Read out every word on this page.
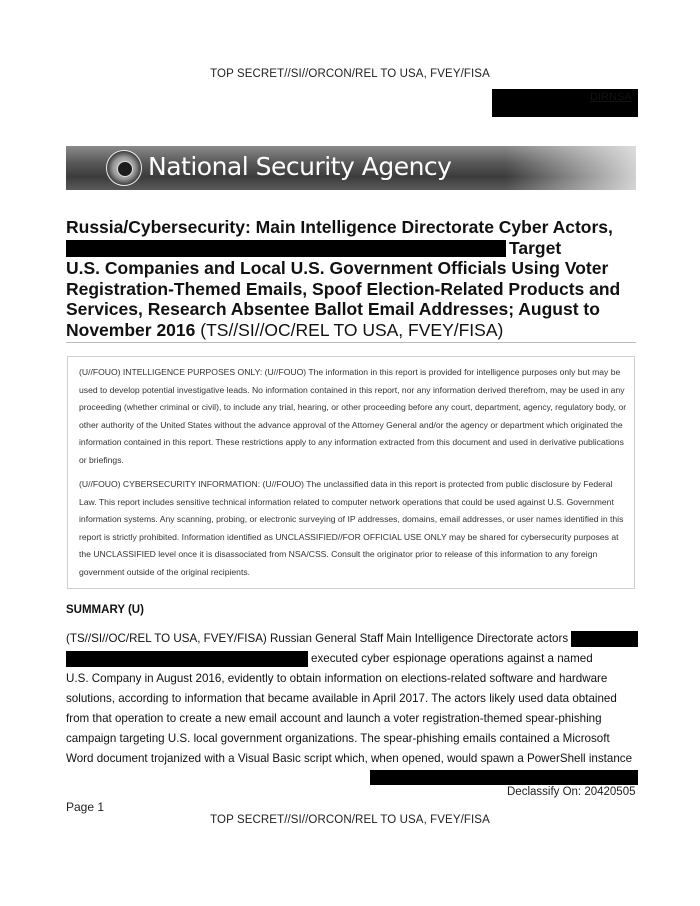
TOP SECRET//SI//ORCON/REL TO USA, FVEY/FISA
DIRNSA
National Security Agency
Russia/Cybersecurity: Main Intelligence Directorate Cyber Actors,
Target
U.S. Companies and Local U.S. Government Officials Using Voter
Registration-Themed Emails, Spoof Election-Related Products and
Services, Research Absentee Ballot Email Addresses; August to
November 2016 (TS//SI//OC/REL TO USA, FVEY/FISA)

(U//FOUO) INTELLIGENCE PURPOSES ONLY: (U//FOUO) The information in this report is provided for intelligence purposes only but may be used to develop potential investigative leads. No information contained in this report, nor any information derived therefrom, may be used in any proceeding (whether criminal or civil), to include any trial, hearing, or other proceeding before any court, department, agency, regulatory body, or other authority of the United States without the advance approval of the Attorney General and/or the agency or department which originated the information contained in this report. These restrictions apply to any information extracted from this document and used in derivative publications or briefings.

(U//FOUO) CYBERSECURITY INFORMATION: (U//FOUO) The unclassified data in this report is protected from public disclosure by Federal Law. This report includes sensitive technical information related to computer network operations that could be used against U.S. Government information systems. Any scanning, probing, or electronic surveying of IP addresses, domains, email addresses, or user names identified in this report is strictly prohibited. Information identified as UNCLASSIFIED//FOR OFFICIAL USE ONLY may be shared for cybersecurity purposes at the UNCLASSIFIED level once it is disassociated from NSA/CSS. Consult the originator prior to release of this information to any foreign government outside of the original recipients.

SUMMARY (U)
(TS//SI//OC/REL TO USA, FVEY/FISA) Russian General Staff Main Intelligence Directorate actors
executed cyber espionage operations against a named
U.S. Company in August 2016, evidently to obtain information on elections-related software and hardware
solutions, according to information that became available in April 2017. The actors likely used data obtained
from that operation to create a new email account and launch a voter registration-themed spear-phishing
campaign targeting U.S. local government organizations. The spear-phishing emails contained a Microsoft
Word document trojanized with a Visual Basic script which, when opened, would spawn a PowerShell instance
Declassify On: 20420505
Page 1
TOP SECRET//SI//ORCON/REL TO USA, FVEY/FISA
